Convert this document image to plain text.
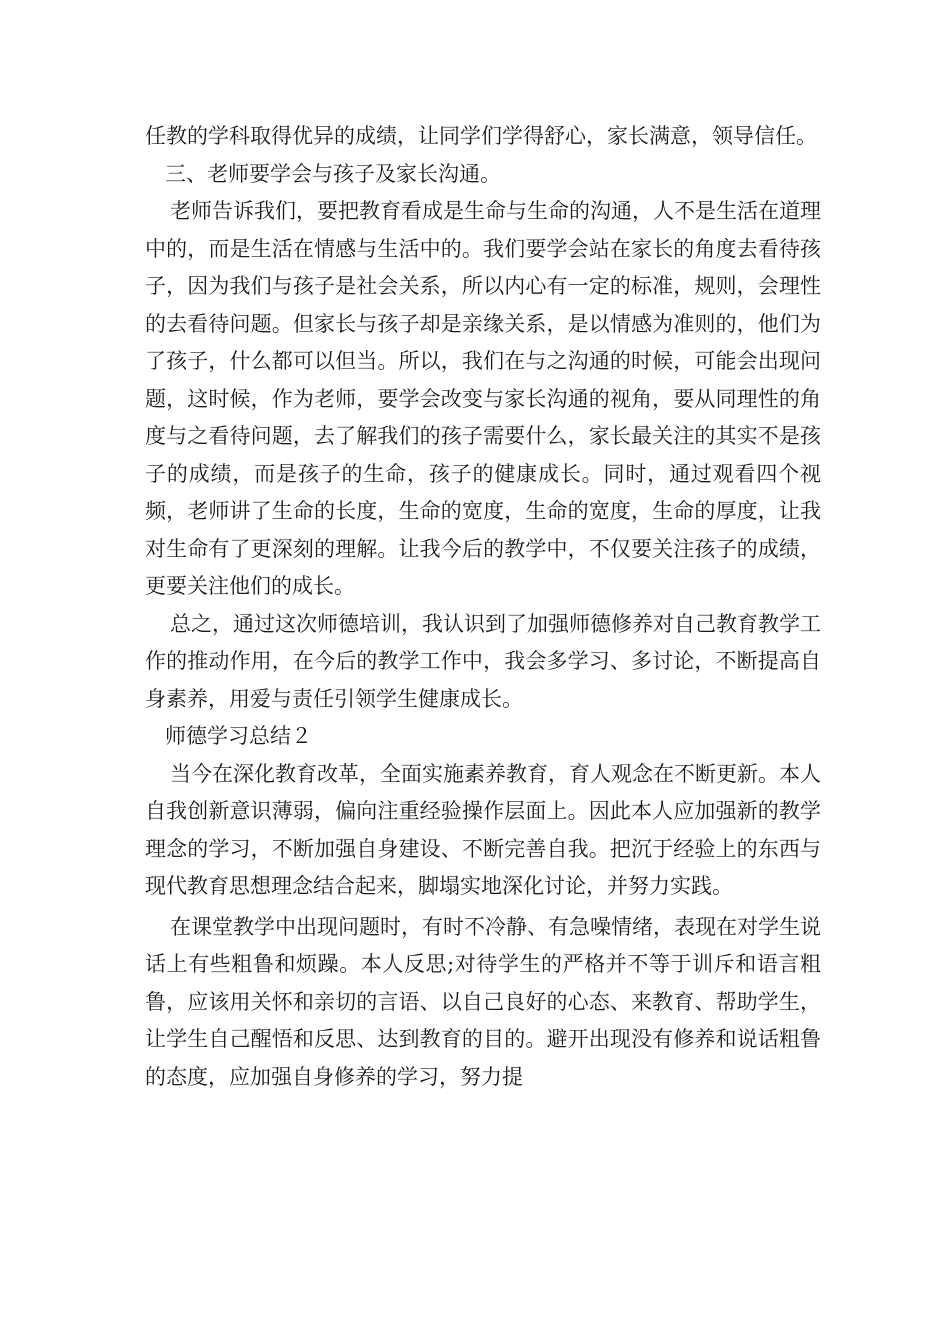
任教的学科取得优异的成绩，让同学们学得舒心，家长满意，领导信任。

三、老师要学会与孩子及家长沟通。

老师告诉我们，要把教育看成是生命与生命的沟通，人不是生活在道理中的，而是生活在情感与生活中的。我们要学会站在家长的角度去看待孩子，因为我们与孩子是社会关系，所以内心有一定的标准，规则，会理性的去看待问题。但家长与孩子却是亲缘关系，是以情感为准则的，他们为了孩子，什么都可以但当。所以，我们在与之沟通的时候，可能会出现问题，这时候，作为老师，要学会改变与家长沟通的视角，要从同理性的角度与之看待问题，去了解我们的孩子需要什么，家长最关注的其实不是孩子的成绩，而是孩子的生命，孩子的健康成长。同时，通过观看四个视频，老师讲了生命的长度，生命的宽度，生命的宽度，生命的厚度，让我对生命有了更深刻的理解。让我今后的教学中，不仅要关注孩子的成绩，更要关注他们的成长。

总之，通过这次师德培训，我认识到了加强师德修养对自己教育教学工作的推动作用，在今后的教学工作中，我会多学习、多讨论，不断提高自身素养，用爱与责任引领学生健康成长。

师德学习总结２

当今在深化教育改革，全面实施素养教育，育人观念在不断更新。本人自我创新意识薄弱，偏向注重经验操作层面上。因此本人应加强新的教学理念的学习，不断加强自身建设、不断完善自我。把沉于经验上的东西与现代教育思想理念结合起来，脚塌实地深化讨论，并努力实践。

在课堂教学中出现问题时，有时不冷静、有急噪情绪，表现在对学生说话上有些粗鲁和烦躁。本人反思;对待学生的严格并不等于训斥和语言粗鲁，应该用关怀和亲切的言语、以自己良好的心态、来教育、帮助学生，让学生自己醒悟和反思、达到教育的目的。避开出现没有修养和说话粗鲁的态度，应加强自身修养的学习，努力提
